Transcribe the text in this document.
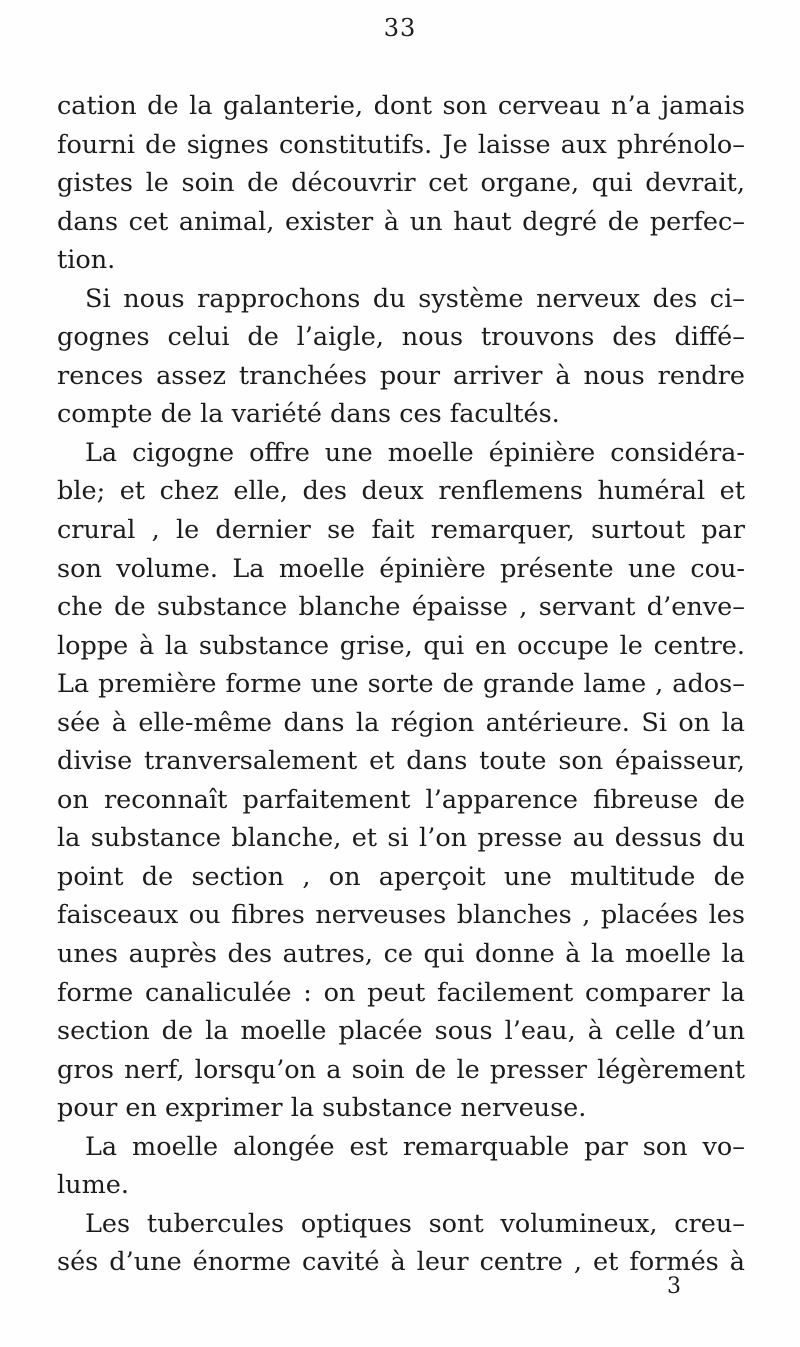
33
cation de la galanterie, dont son cerveau n’a jamais
fourni de signes constitutifs. Je laisse aux phrénolo–
gistes le soin de découvrir cet organe, qui devrait,
dans cet animal, exister à un haut degré de perfec–
tion.
Si nous rapprochons du système nerveux des ci–
gognes celui de l’aigle, nous trouvons des diffé–
rences assez tranchées pour arriver à nous rendre
compte de la variété dans ces facultés.
La cigogne offre une moelle épinière considéra-
ble; et chez elle, des deux renflemens huméral et
crural , le dernier se fait remarquer, surtout par
son volume. La moelle épinière présente une cou-
che de substance blanche épaisse , servant d’enve–
loppe à la substance grise, qui en occupe le centre.
La première forme une sorte de grande lame , ados–
sée à elle-même dans la région antérieure. Si on la
divise tranversalement et dans toute son épaisseur,
on reconnaît parfaitement l’apparence fibreuse de
la substance blanche, et si l’on presse au dessus du
point de section , on aperçoit une multitude de
faisceaux ou fibres nerveuses blanches , placées les
unes auprès des autres, ce qui donne à la moelle la
forme canaliculée : on peut facilement comparer la
section de la moelle placée sous l’eau, à celle d’un
gros nerf, lorsqu’on a soin de le presser légèrement
pour en exprimer la substance nerveuse.
La moelle alongée est remarquable par son vo–
lume.
Les tubercules optiques sont volumineux, creu–
sés d’une énorme cavité à leur centre , et formés à
3
